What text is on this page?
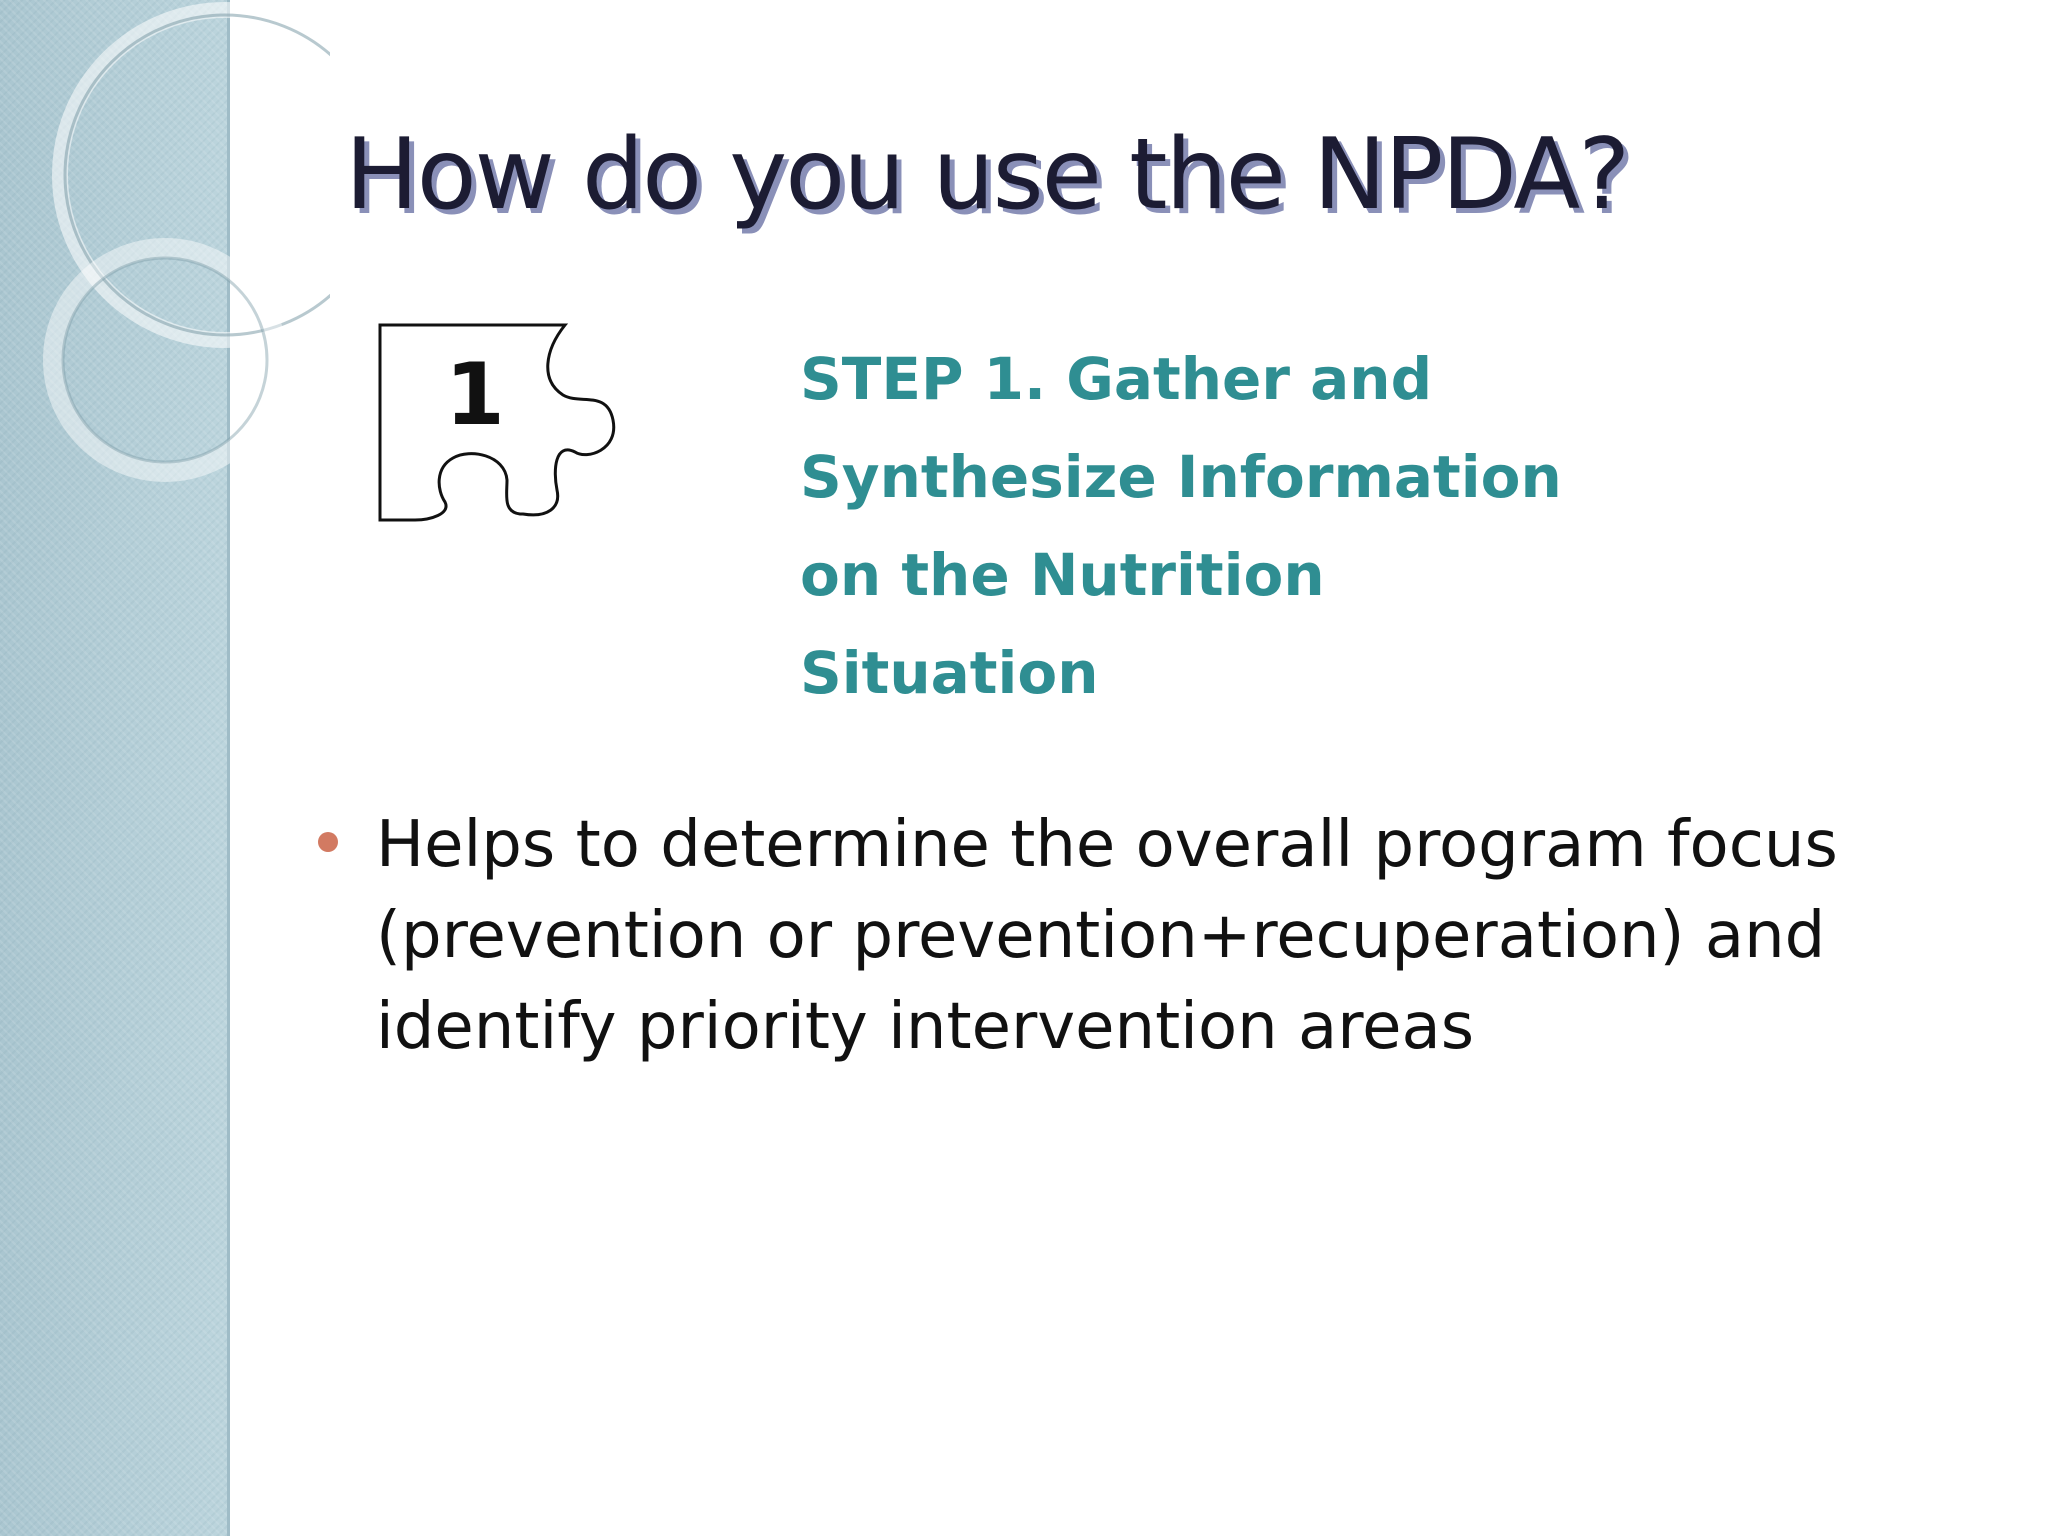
How do you use the NPDA?
1	STEP 1. Gather and
Synthesize Information
on the Nutrition
Situation
Helps to determine the overall program focus (prevention or prevention+recuperation) and identify priority intervention areas
